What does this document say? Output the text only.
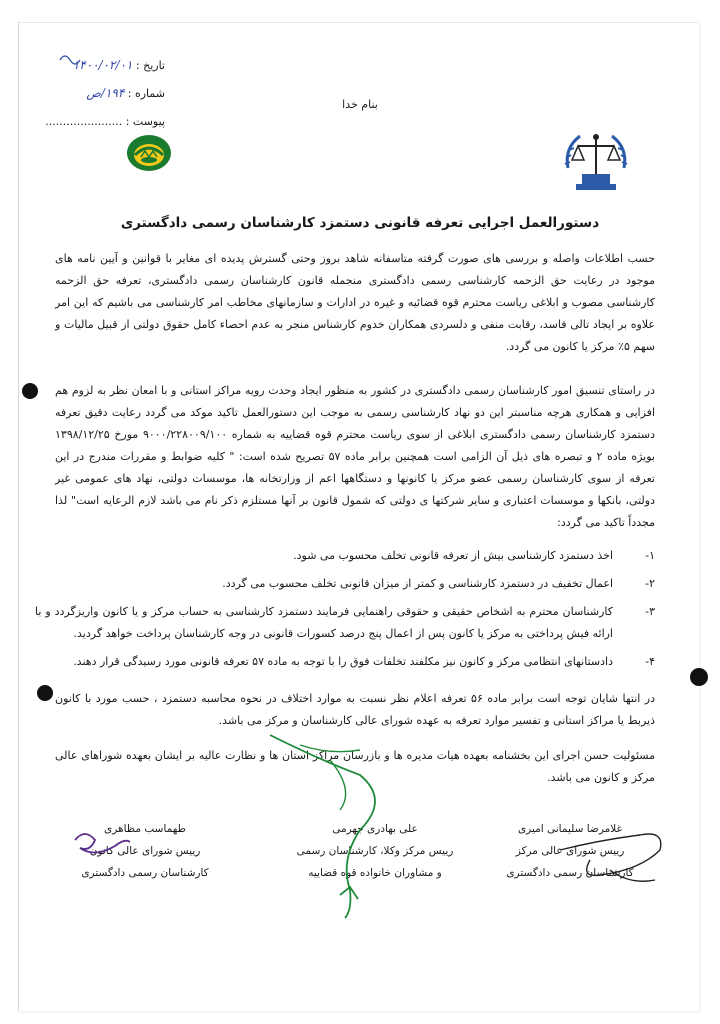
تاریخ : ۱۴۰۰/۰۲/۰۱
شماره : ۱۹۴/ص
پیوست : ......................
بنام خدا
دستورالعمل اجرایی تعرفه قانونی دستمزد کارشناسان رسمی دادگستری
حسب اطلاعات واصله و بررسی های صورت گرفته متاسفانه شاهد بروز وحتی گسترش پدیده ای مغایر با قوانین و آیین نامه های موجود در رعایت حق الزحمه کارشناسی رسمی دادگستری منجمله قانون کارشناسان رسمی دادگستری، تعرفه حق الزحمه کارشناسی مصوب و ابلاغی ریاست محترم قوه قضائیه و غیره در ادارات و سازمانهای مخاطب امر کارشناسی می باشیم که این امر علاوه بر ایجاد تالی فاسد، رقابت منفی و دلسردی همکاران خدوم کارشناس منجر به عدم احصاء کامل حقوق دولتی از قبیل مالیات و سهم ۵٪ مرکز یا کانون می گردد.
در راستای تنسیق امور کارشناسان رسمی دادگستری در کشور به منظور ایجاد وحدت رویه مراکز استانی و با امعان نظر به لزوم هم افزایی و همکاری هرچه مناسبتر این دو نهاد کارشناسی رسمی به موجب این دستورالعمل تاکید موکد می گردد رعایت دقیق تعرفه دستمزد کارشناسان رسمی دادگستری ابلاغی از سوی ریاست محترم قوه قضاییه به شماره ۹۰۰۰/۲۲۸۰۰۹/۱۰۰ مورخ ۱۳۹۸/۱۲/۲۵ بویژه ماده ۲ و تبصره های ذیل آن الزامی است همچنین برابر ماده ۵۷ تصریح شده است: " کلیه ضوابط و مقررات مندرج در این تعرفه از سوی کارشناسان رسمی عضو مرکز یا کانونها و دستگاهها اعم از وزارتخانه ها، موسسات دولتی، نهاد های عمومی غیر دولتی، بانکها و موسسات اعتباری و سایر شرکتها ی دولتی که شمول قانون بر آنها مستلزم ذکر نام می باشد لازم الرعایه است" لذا مجدداً تاکید می گردد:
۱-
اخذ دستمزد کارشناسی بیش از تعرفه قانونی تخلف محسوب می شود.
۲-
اعمال تخفیف در دستمزد کارشناسی و کمتر از میزان قانونی تخلف محسوب می گردد.
۳-
کارشناسان محترم به اشخاص حقیقی و حقوقی راهنمایی فرمایند دستمزد کارشناسی به حساب مرکز و یا کانون واریزگردد و با ارائه فیش پرداختی به مرکز یا کانون پس از اعمال پنج درصد کسورات قانونی در وجه کارشناسان پرداخت خواهد گردید.
۴-
دادستانهای انتظامی مرکز و کانون نیز مکلفند تخلفات فوق را با توجه به ماده ۵۷ تعرفه قانونی مورد رسیدگی قرار دهند.
در انتها شایان توجه است برابر ماده ۵۶ تعرفه اعلام نظر نسبت به موارد اختلاف در نحوه محاسبه دستمزد ، حسب مورد با کانون ذیربط یا مراکز استانی و تفسیر موارد تعرفه به عهده شورای عالی کارشناسان و مرکز می باشد.
مسئولیت حسن اجرای این بخشنامه بعهده هیات مدیره ها و بازرسان مراکز استان ها و نظارت عالیه بر ایشان بعهده شوراهای عالی مرکز و کانون می باشد.
غلامرضا سلیمانی امیری
رییس شورای عالی مرکز
کارشناسان رسمی دادگستری
علی بهادری جهرمی
رییس مرکز وکلا، کارشناسان رسمی
و مشاوران خانواده قوه قضاییه
طهماسب مظاهری
رییس شورای عالی کانون
کارشناسان رسمی دادگستری
